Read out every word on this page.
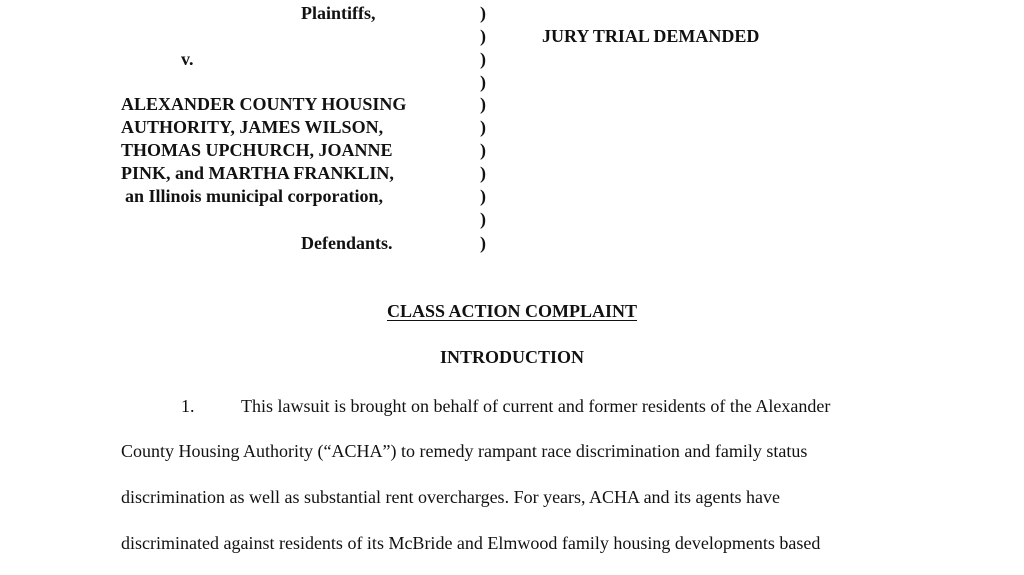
Plaintiffs,
v.
ALEXANDER COUNTY HOUSING
AUTHORITY, JAMES WILSON,
THOMAS UPCHURCH, JOANNE
PINK, and MARTHA FRANKLIN,
an Illinois municipal corporation,
Defendants.
)
)
)
)
)
)
)
)
)
)
)
JURY TRIAL DEMANDED
CLASS ACTION COMPLAINT
INTRODUCTION
1.	This lawsuit is brought on behalf of current and former residents of the Alexander
County Housing Authority (“ACHA”) to remedy rampant race discrimination and family status
discrimination as well as substantial rent overcharges. For years, ACHA and its agents have
discriminated against residents of its McBride and Elmwood family housing developments based
